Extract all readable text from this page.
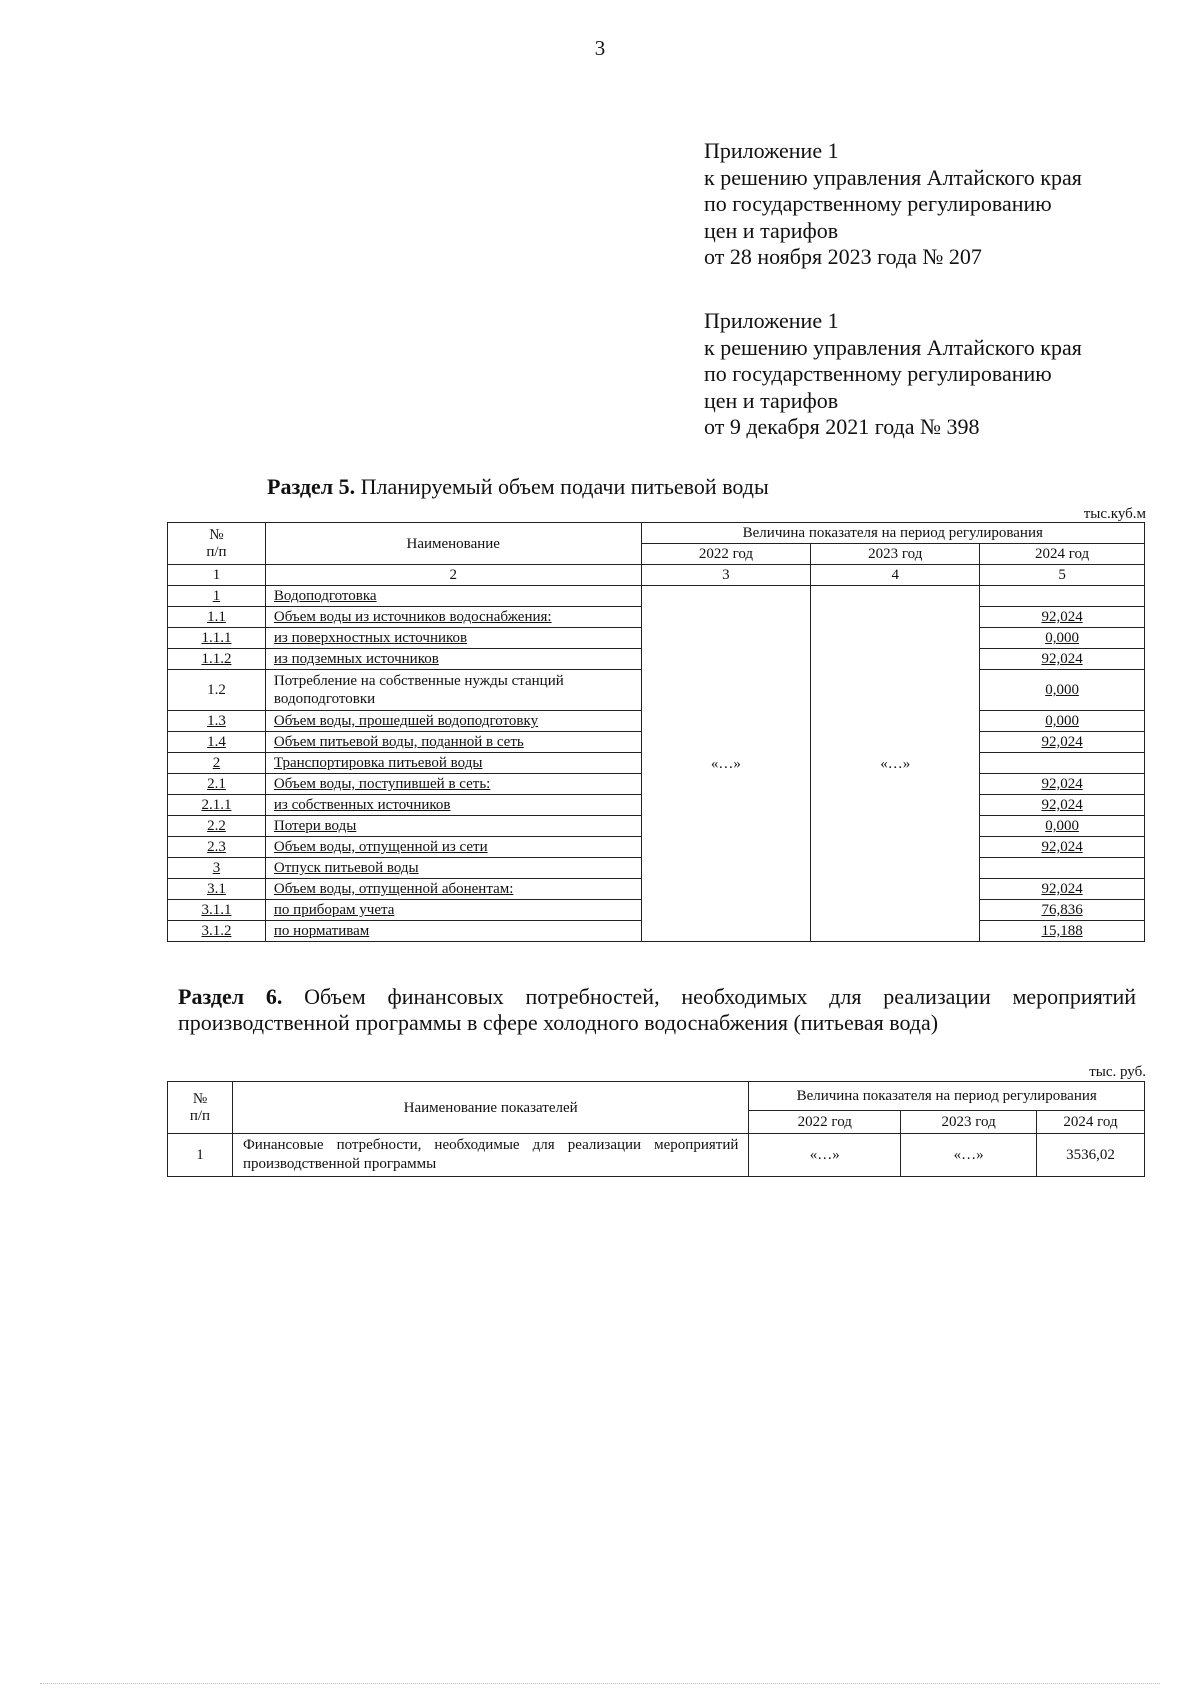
3
Приложение 1
к решению управления Алтайского края
по государственному регулированию
цен и тарифов
от 28 ноября 2023 года № 207
Приложение 1
к решению управления Алтайского края
по государственному регулированию
цен и тарифов
от 9 декабря 2021 года № 398
Раздел 5. Планируемый объем подачи питьевой воды
тыс.куб.м
№
п/п	Наименование	Величина показателя на период регулирования		
		2022 год	2023 год	2024 год
1	2	3	4	5
1	Водоподготовка	«…»	«…»	
1.1	Объем воды из источников водоснабжения:			92,024
1.1.1	из поверхностных источников			0,000
1.1.2	из подземных источников			92,024
1.2	Потребление на собственные нужды станций водоподготовки			0,000
1.3	Объем воды, прошедшей водоподготовку			0,000
1.4	Объем питьевой воды, поданной в сеть			92,024
2	Транспортировка питьевой воды			
2.1	Объем воды, поступившей в сеть:			92,024
2.1.1	из собственных источников			92,024
2.2	Потери воды			0,000
2.3	Объем воды, отпущенной из сети			92,024
3	Отпуск питьевой воды			
3.1	Объем воды, отпущенной абонентам:			92,024
3.1.1	по приборам учета			76,836
3.1.2	по нормативам			15,188
Раздел 6. Объем финансовых потребностей, необходимых для реализации мероприятий производственной программы в сфере холодного водоснабжения (питьевая вода)
тыс. руб.
№
п/п	Наименование показателей	Величина показателя на период регулирования		
		2022 год	2023 год	2024 год
1	Финансовые потребности, необходимые для реализации мероприятий производственной программы	«…»	«…»	3536,02
